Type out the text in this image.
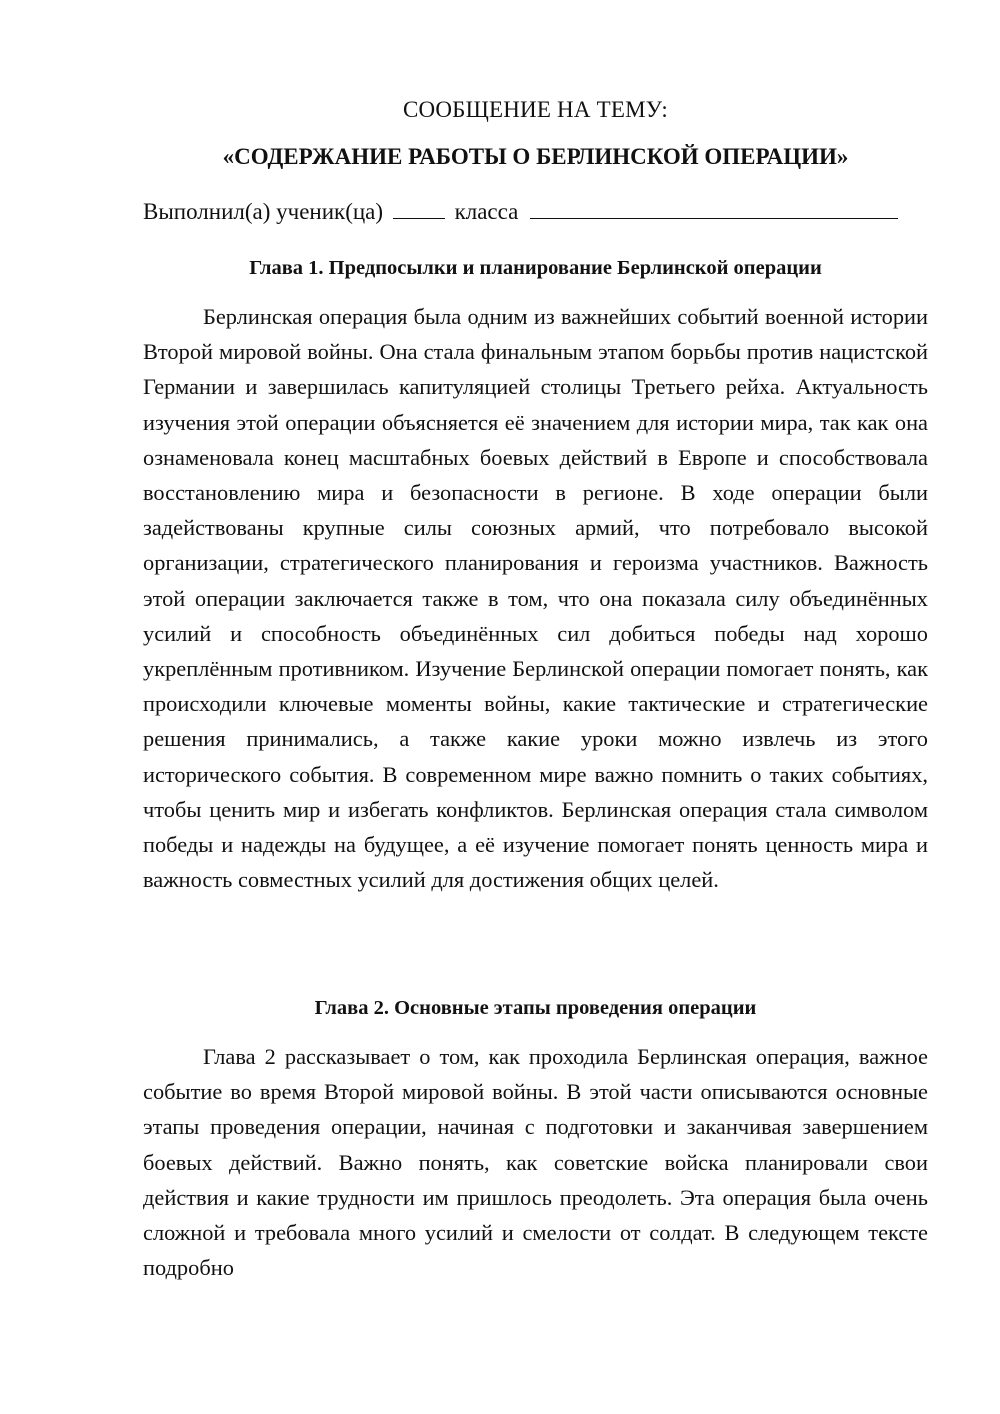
СООБЩЕНИЕ НА ТЕМУ:
«СОДЕРЖАНИЕ РАБОТЫ О БЕРЛИНСКОЙ ОПЕРАЦИИ»
Выполнил(а) ученик(ца)	класса
Глава 1. Предпосылки и планирование Берлинской операции
Берлинская операция была одним из важнейших событий военной истории Второй мировой войны. Она стала финальным этапом борьбы против нацистской Германии и завершилась капитуляцией столицы Третьего рейха. Актуальность изучения этой операции объясняется её значением для истории мира, так как она ознаменовала конец масштабных боевых действий в Европе и способствовала восстановлению мира и безопасности в регионе. В ходе операции были задействованы крупные силы союзных армий, что потребовало высокой организации, стратегического планирования и героизма участников. Важность этой операции заключается также в том, что она показала силу объединённых усилий и способность объединённых сил добиться победы над хорошо укреплённым противником. Изучение Берлинской операции помогает понять, как происходили ключевые моменты войны, какие тактические и стратегические решения принимались, а также какие уроки можно извлечь из этого исторического события. В современном мире важно помнить о таких событиях, чтобы ценить мир и избегать конфликтов. Берлинская операция стала символом победы и надежды на будущее, а её изучение помогает понять ценность мира и важность совместных усилий для достижения общих целей.
Глава 2. Основные этапы проведения операции
Глава 2 рассказывает о том, как проходила Берлинская операция, важное событие во время Второй мировой войны. В этой части описываются основные этапы проведения операции, начиная с подготовки и заканчивая завершением боевых действий. Важно понять, как советские войска планировали свои действия и какие трудности им пришлось преодолеть. Эта операция была очень сложной и требовала много усилий и смелости от солдат. В следующем тексте подробно
